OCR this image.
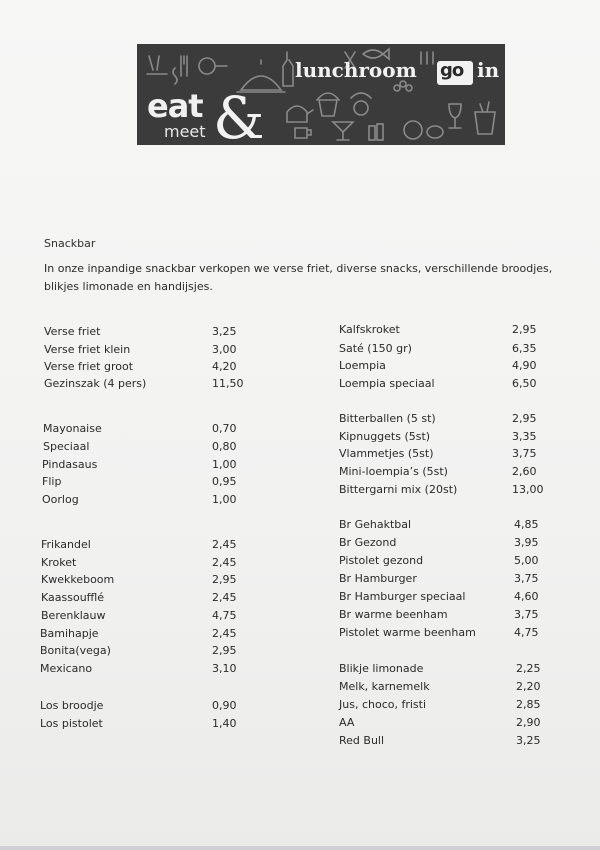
eat
meet &
lunchroom go in
Snackbar
In onze inpandige snackbar verkopen we verse friet, diverse snacks, verschillende broodjes, blikjes limonade en handijsjes.
Verse friet	3,25
Verse friet klein	3,00
Verse friet groot	4,20
Gezinszak (4 pers)	11,50
Mayonaise	0,70
Speciaal	0,80
Pindasaus	1,00
Flip	0,95
Oorlog	1,00
Frikandel	2,45
Kroket	2,45
Kwekkeboom	2,95
Kaassoufflé	2,45
Berenklauw	4,75
Bamihapje	2,45
Bonita(vega)	2,95
Mexicano	3,10
Los broodje	0,90
Los pistolet	1,40
Kalfskroket	2,95
Saté (150 gr)	6,35
Loempia	4,90
Loempia speciaal	6,50
Bitterballen (5 st)	2,95
Kipnuggets (5st)	3,35
Vlammetjes (5st)	3,75
Mini-loempia’s (5st)	2,60
Bittergarni mix (20st)	13,00
Br Gehaktbal	4,85
Br Gezond	3,95
Pistolet gezond	5,00
Br Hamburger	3,75
Br Hamburger speciaal	4,60
Br warme beenham	3,75
Pistolet warme beenham	4,75
Blikje limonade	2,25
Melk, karnemelk	2,20
Jus, choco, fristi	2,85
AA	2,90
Red Bull	3,25
